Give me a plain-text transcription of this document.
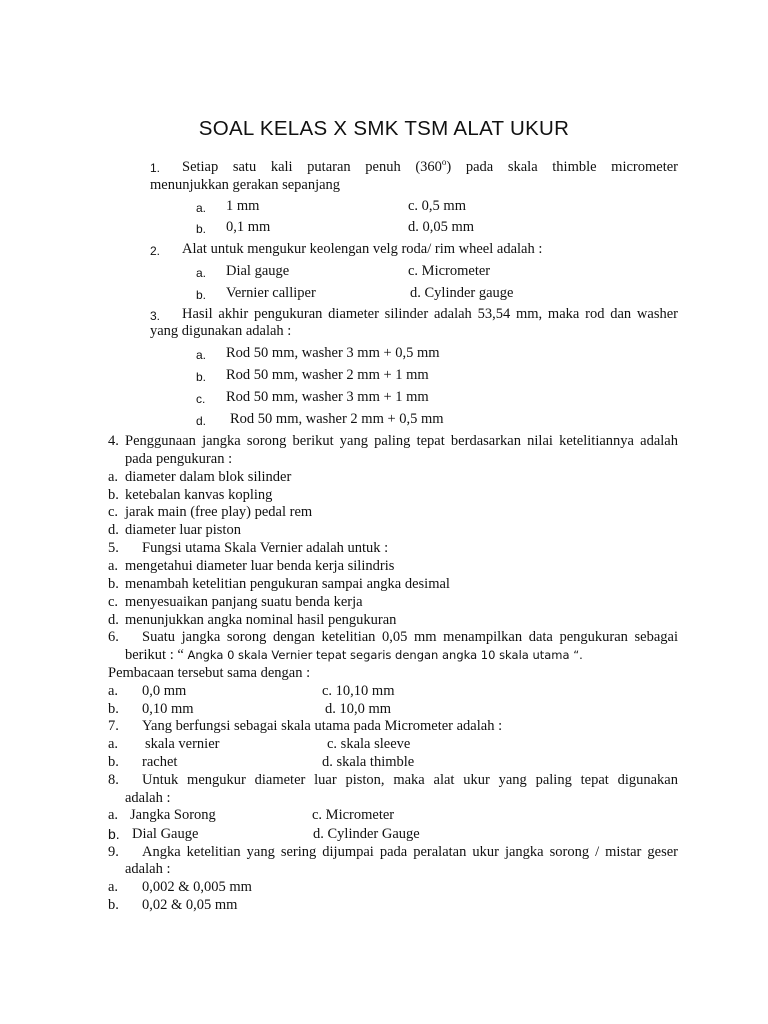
SOAL KELAS X SMK TSM ALAT UKUR
1. Setiap satu kali putaran penuh (360$^o$) pada skala thimble micrometer
menunjukkan gerakan sepanjang
a. 1 mm	c. 0,5 mm
b. 0,1 mm	d. 0,05 mm
2. Alat untuk mengukur keolengan velg roda/ rim wheel adalah :
a. Dial gauge	c. Micrometer
b. Vernier calliper	d. Cylinder gauge
3. Hasil akhir pengukuran diameter silinder adalah 53,54 mm, maka rod dan washer
yang digunakan adalah :
a. Rod 50 mm, washer 3 mm + 0,5 mm
b. Rod 50 mm, washer 2 mm + 1 mm
c. Rod 50 mm, washer 3 mm + 1 mm
d. Rod 50 mm, washer 2 mm + 0,5 mm
4. Penggunaan jangka sorong berikut yang paling tepat berdasarkan nilai ketelitiannya adalah
pada pengukuran :
a. diameter dalam blok silinder
b. ketebalan kanvas kopling
c. jarak main (free play) pedal rem
d. diameter luar piston
5. Fungsi utama Skala Vernier adalah untuk :
a. mengetahui diameter luar benda kerja silindris
b. menambah ketelitian pengukuran sampai angka desimal
c. menyesuaikan panjang suatu benda kerja
d. menunjukkan angka nominal hasil pengukuran
6. Suatu jangka sorong dengan ketelitian 0,05 mm menampilkan data pengukuran sebagai
berikut : “ Angka 0 skala Vernier tepat segaris dengan angka 10 skala utama “.
Pembacaan tersebut sama dengan :
a. 0,0 mm	c. 10,10 mm
b. 0,10 mm	d. 10,0 mm
7. Yang berfungsi sebagai skala utama pada Micrometer adalah :
a. skala vernier	c. skala sleeve
b. rachet	d. skala thimble
8. Untuk mengukur diameter luar piston, maka alat ukur yang paling tepat digunakan
adalah :
a. Jangka Sorong	c. Micrometer
b. Dial Gauge	d. Cylinder Gauge
9. Angka ketelitian yang sering dijumpai pada peralatan ukur jangka sorong / mistar geser
adalah :
a. 0,002 & 0,005 mm
b. 0,02 & 0,05 mm
